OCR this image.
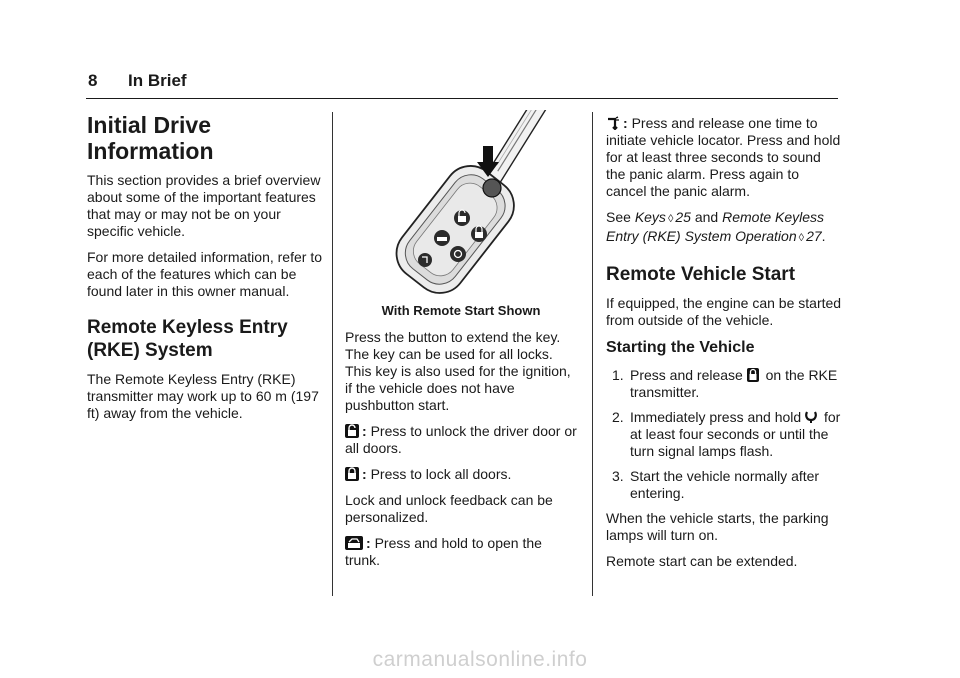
8 In Brief
Initial Drive Information

This section provides a brief overview about some of the important features that may or may not be on your specific vehicle.

For more detailed information, refer to each of the features which can be found later in this owner manual.

Remote Keyless Entry (RKE) System

The Remote Keyless Entry (RKE) transmitter may work up to 60 m (197 ft) away from the vehicle.

With Remote Start Shown

Press the button to extend the key. The key can be used for all locks. This key is also used for the ignition, if the vehicle does not have pushbutton start.

: Press to unlock the driver door or all doors.

: Press to lock all doors.

Lock and unlock feedback can be personalized.

: Press and hold to open the trunk.

: Press and release one time to initiate vehicle locator. Press and hold for at least three seconds to sound the panic alarm. Press again to cancel the panic alarm.

See Keys ◊ 25 and Remote Keyless Entry (RKE) System Operation ◊ 27.

Remote Vehicle Start

If equipped, the engine can be started from outside of the vehicle.

Starting the Vehicle
1. Press and release on the RKE transmitter.
2. Immediately press and hold for at least four seconds or until the turn signal lamps flash.
3. Start the vehicle normally after entering.

When the vehicle starts, the parking lamps will turn on.

Remote start can be extended.

carmanualsonline.info
